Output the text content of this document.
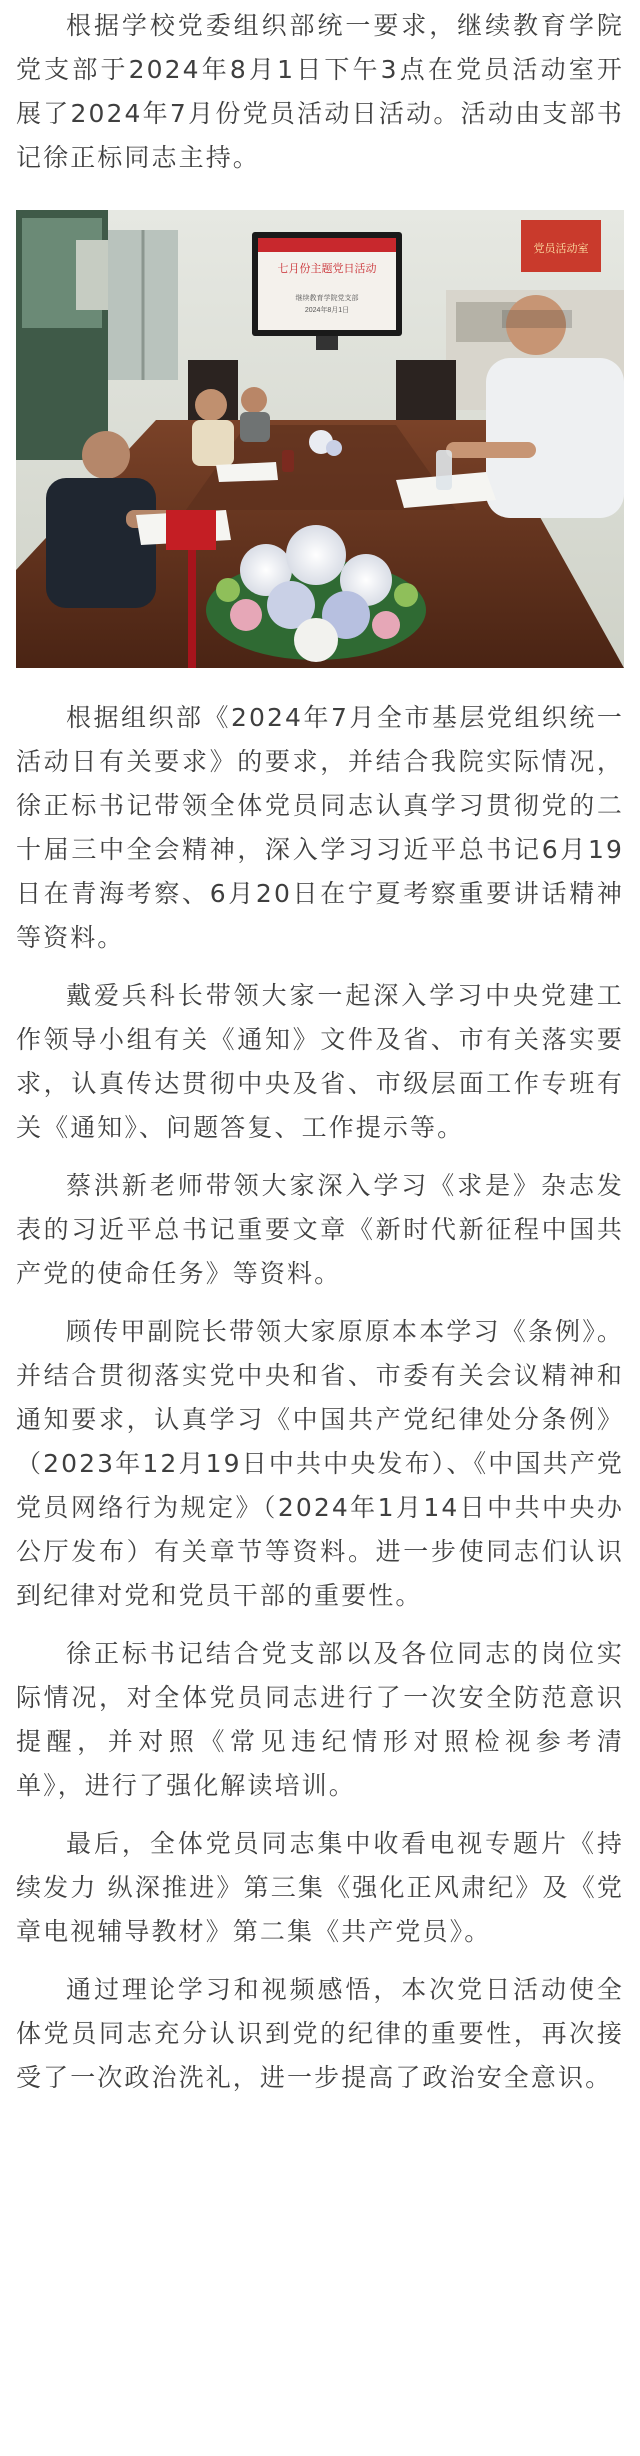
根据学校党委组织部统一要求，继续教育学院党支部于2024年8月1日下午3点在党员活动室开展了2024年7月份党员活动日活动。活动由支部书记徐正标同志主持。

党员活动室
七月份主题党日活动
继续教育学院党支部
2024年8月1日

根据组织部《2024年7月全市基层党组织统一活动日有关要求》的要求，并结合我院实际情况，徐正标书记带领全体党员同志认真学习贯彻党的二十届三中全会精神，深入学习习近平总书记6月19日在青海考察、6月20日在宁夏考察重要讲话精神等资料。

戴爱兵科长带领大家一起深入学习中央党建工作领导小组有关《通知》文件及省、市有关落实要求，认真传达贯彻中央及省、市级层面工作专班有关《通知》、问题答复、工作提示等。

蔡洪新老师带领大家深入学习《求是》杂志发表的习近平总书记重要文章《新时代新征程中国共产党的使命任务》等资料。

顾传甲副院长带领大家原原本本学习《条例》。并结合贯彻落实党中央和省、市委有关会议精神和通知要求，认真学习《中国共产党纪律处分条例》（2023年12月19日中共中央发布）、《中国共产党党员网络行为规定》（2024年1月14日中共中央办公厅发布）有关章节等资料。进一步使同志们认识到纪律对党和党员干部的重要性。

徐正标书记结合党支部以及各位同志的岗位实际情况，对全体党员同志进行了一次安全防范意识提醒，并对照《常见违纪情形对照检视参考清单》，进行了强化解读培训。

最后，全体党员同志集中收看电视专题片《持续发力 纵深推进》第三集《强化正风肃纪》及《党章电视辅导教材》第二集《共产党员》。

通过理论学习和视频感悟，本次党日活动使全体党员同志充分认识到党的纪律的重要性，再次接受了一次政治洗礼，进一步提高了政治安全意识。
